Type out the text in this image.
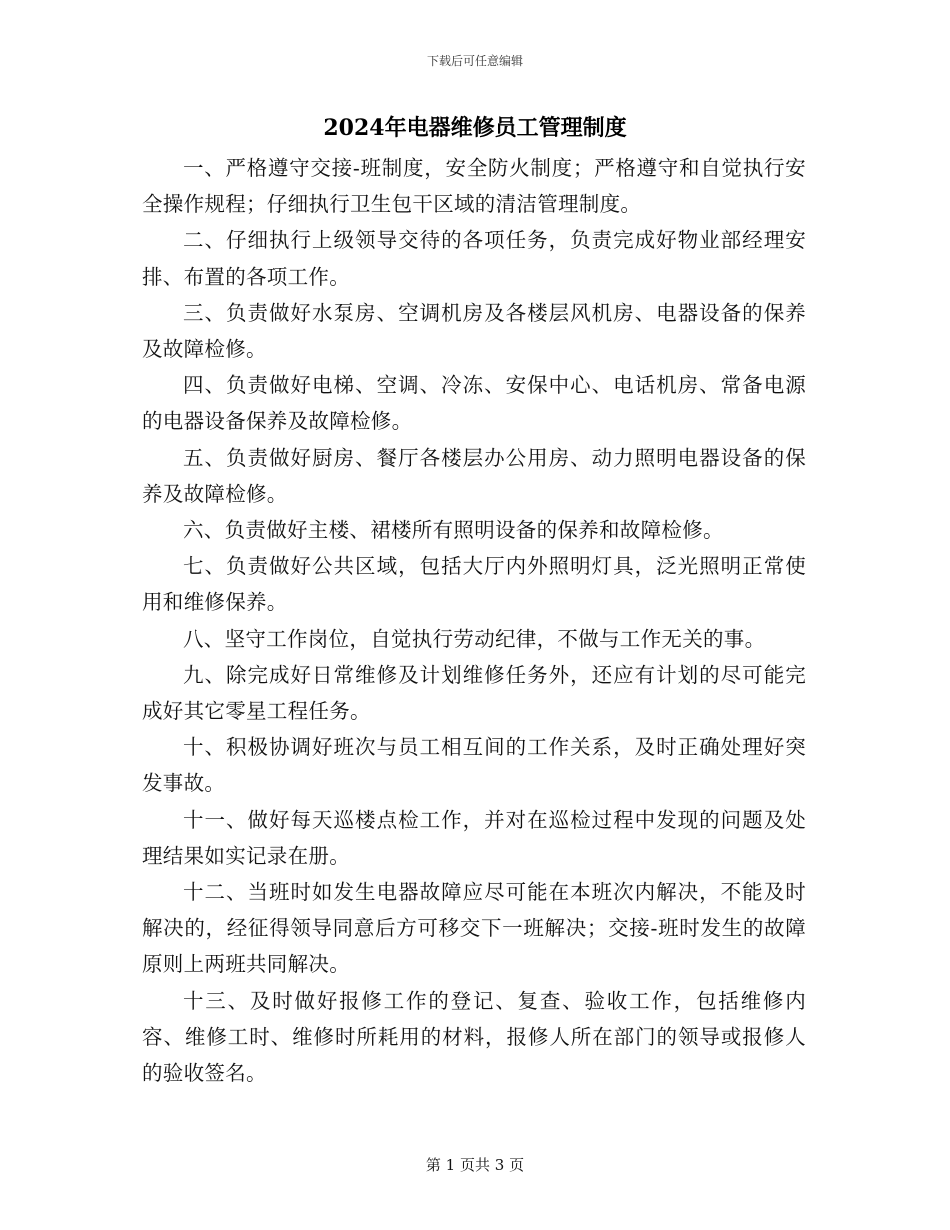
下载后可任意编辑
2024年电器维修员工管理制度

一、严格遵守交接-班制度，安全防火制度；严格遵守和自觉执行安全操作规程；仔细执行卫生包干区域的清洁管理制度。

二、仔细执行上级领导交待的各项任务，负责完成好物业部经理安排、布置的各项工作。

三、负责做好水泵房、空调机房及各楼层风机房、电器设备的保养及故障检修。

四、负责做好电梯、空调、冷冻、安保中心、电话机房、常备电源的电器设备保养及故障检修。

五、负责做好厨房、餐厅各楼层办公用房、动力照明电器设备的保养及故障检修。

六、负责做好主楼、裙楼所有照明设备的保养和故障检修。

七、负责做好公共区域，包括大厅内外照明灯具，泛光照明正常使用和维修保养。

八、坚守工作岗位，自觉执行劳动纪律，不做与工作无关的事。

九、除完成好日常维修及计划维修任务外，还应有计划的尽可能完成好其它零星工程任务。

十、积极协调好班次与员工相互间的工作关系，及时正确处理好突发事故。

十一、做好每天巡楼点检工作，并对在巡检过程中发现的问题及处理结果如实记录在册。

十二、当班时如发生电器故障应尽可能在本班次内解决，不能及时解决的，经征得领导同意后方可移交下一班解决；交接-班时发生的故障原则上两班共同解决。

十三、及时做好报修工作的登记、复查、验收工作，包括维修内容、维修工时、维修时所耗用的材料，报修人所在部门的领导或报修人的验收签名。

第 1 页共 3 页
